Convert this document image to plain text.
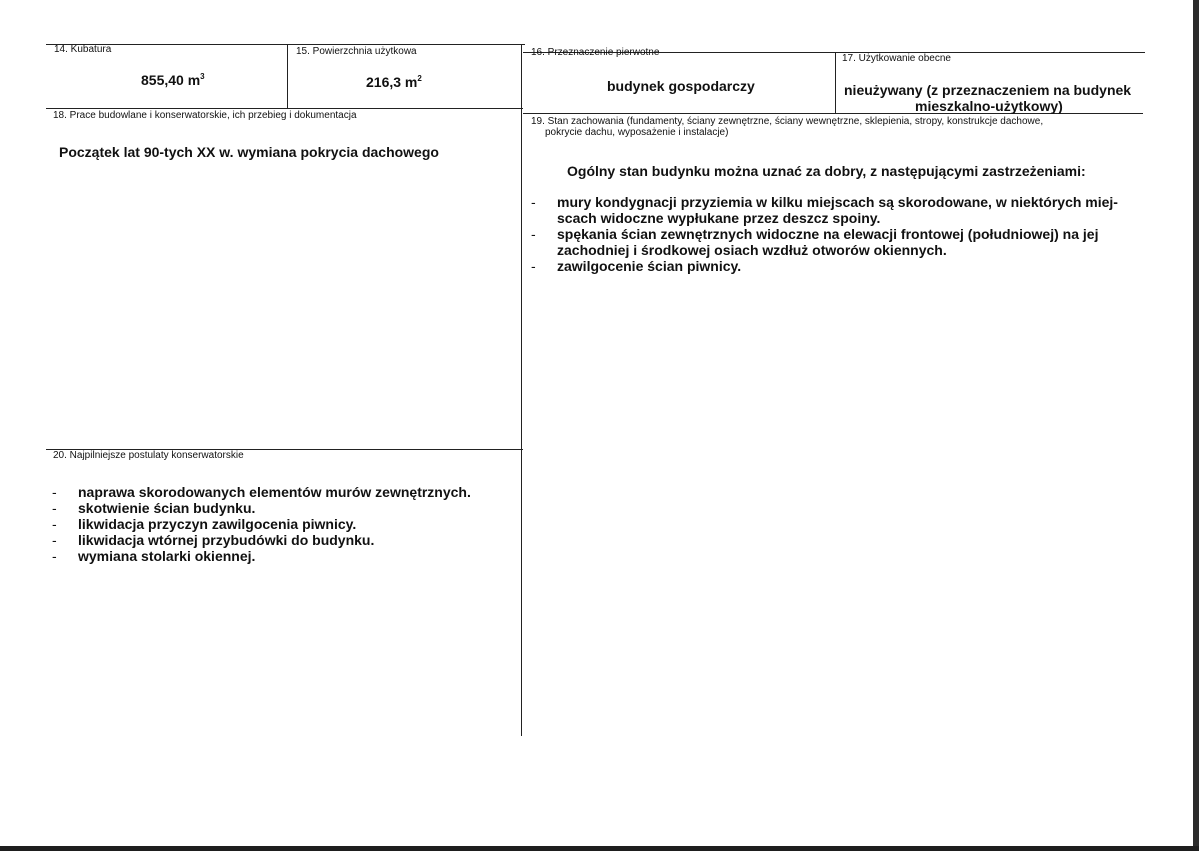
14. Kubatura
855,40 $m^3$
15. Powierzchnia użytkowa
216,3 $m^2$
16. Przeznaczenie pierwotne
budynek gospodarczy
17. Użytkowanie obecne
nieużywany (z przeznaczeniem na budynek
mieszkalno-użytkowy)
18. Prace budowlane i konserwatorskie, ich przebieg i dokumentacja
Początek lat 90-tych XX w. wymiana pokrycia dachowego
19. Stan zachowania (fundamenty, ściany zewnętrzne, ściany wewnętrzne, sklepienia, stropy, konstrukcje dachowe,
pokrycie dachu, wyposażenie i instalacje)
Ogólny stan budynku można uznać za dobry, z następującymi zastrzeżeniami:
- mury kondygnacji przyziemia w kilku miejscach są skorodowane, w niektórych miej-
scach widoczne wypłukane przez deszcz spoiny.
- spękania ścian zewnętrznych widoczne na elewacji frontowej (południowej) na jej
zachodniej i środkowej osiach wzdłuż otworów okiennych.
- zawilgocenie ścian piwnicy.
20. Najpilniejsze postulaty konserwatorskie
- naprawa skorodowanych elementów murów zewnętrznych.
- skotwienie ścian budynku.
- likwidacja przyczyn zawilgocenia piwnicy.
- likwidacja wtórnej przybudówki do budynku.
- wymiana stolarki okiennej.
